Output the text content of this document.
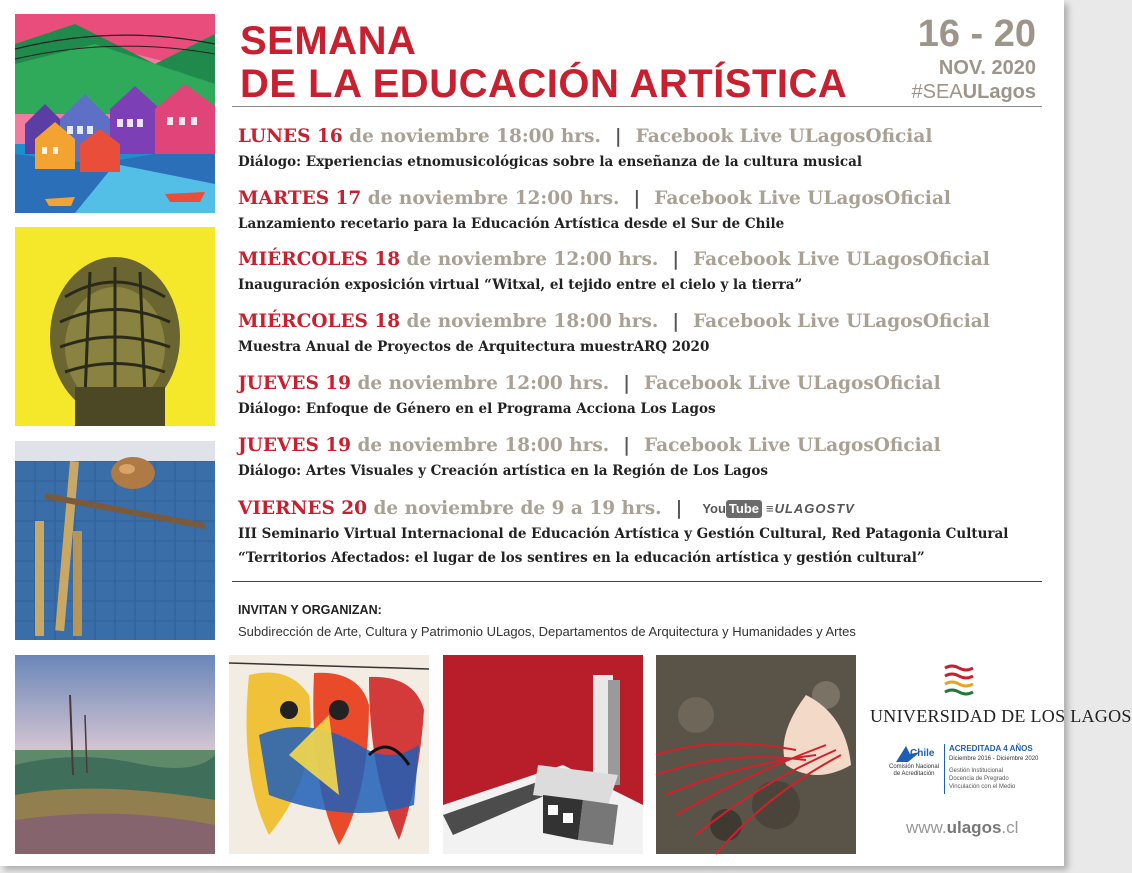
SEMANA
DE LA EDUCACIÓN ARTÍSTICA
16 - 20
NOV. 2020
#SEAULagos
LUNES 16 de noviembre 18:00 hrs. | Facebook Live ULagosOficial
Diálogo: Experiencias etnomusicológicas sobre la enseñanza de la cultura musical
MARTES 17 de noviembre 12:00 hrs. | Facebook Live ULagosOficial
Lanzamiento recetario para la Educación Artística desde el Sur de Chile
MIÉRCOLES 18 de noviembre 12:00 hrs. | Facebook Live ULagosOficial
Inauguración exposición virtual “Witxal, el tejido entre el cielo y la tierra”
MIÉRCOLES 18 de noviembre 18:00 hrs. | Facebook Live ULagosOficial
Muestra Anual de Proyectos de Arquitectura muestrARQ 2020
JUEVES 19 de noviembre 12:00 hrs. | Facebook Live ULagosOficial
Diálogo: Enfoque de Género en el Programa Acciona Los Lagos
JUEVES 19 de noviembre 18:00 hrs. | Facebook Live ULagosOficial
Diálogo: Artes Visuales y Creación artística en la Región de Los Lagos
VIERNES 20 de noviembre de 9 a 19 hrs. | You Tube ≡ULAGOSTV
III Seminario Virtual Internacional de Educación Artística y Gestión Cultural, Red Patagonia Cultural
“Territorios Afectados: el lugar de los sentires en la educación artística y gestión cultural”
INVITAN Y ORGANIZAN:
Subdirección de Arte, Cultura y Patrimonio ULagos, Departamentos de Arquitectura y Humanidades y Artes
UNIVERSIDAD DE LOS LAGOS
Chile
Comisión Nacional de Acreditación
ACREDITADA 4 AÑOS
Diciembre 2016 - Diciembre 2020
Gestión Institucional
Docencia de Pregrado
Vinculación con el Medio
www.ulagos.cl
